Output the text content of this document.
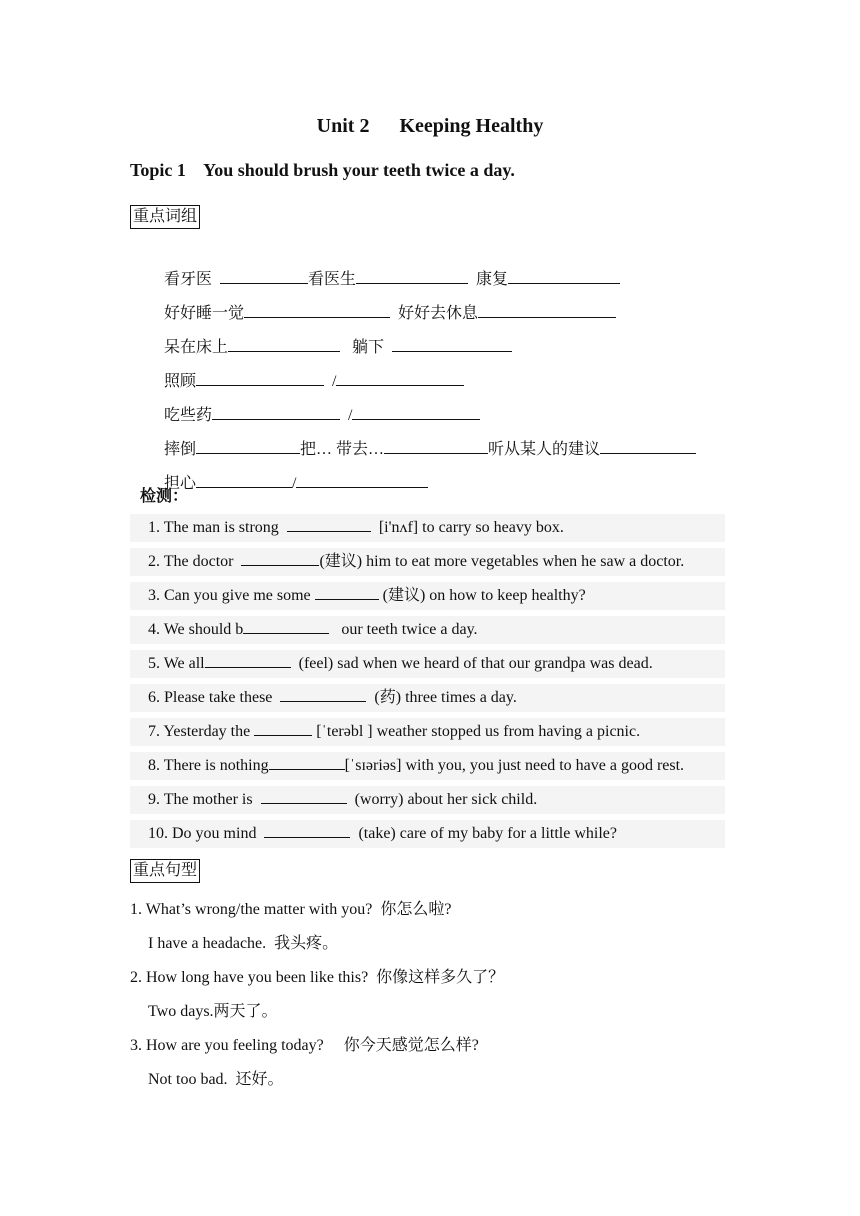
Unit 2      Keeping Healthy
Topic 1    You should brush your teeth twice a day.
重点词组

看牙医	看医生	康复

好好睡一觉	好好去休息

呆在床上	躺下

照顾	/

吃些药	/

摔倒	把… 带去…	听从某人的建议

担心	/

检测：
1. The man is strong	[i'nʌf] to carry so heavy box.
2. The doctor	(建议) him to eat more vegetables when he saw a doctor.
3. Can you give me some	(建议) on how to keep healthy?
4. We should b	our teeth twice a day.
5. We all	(feel) sad when we heard of that our grandpa was dead.
6. Please take these	(药) three times a day.
7. Yesterday the	[ˈterəbl ] weather stopped us from having a picnic.
8. There is nothing	[ˈsɪəriəs] with you, you just need to have a good rest.
9. The mother is	(worry) about her sick child.
10. Do you mind	(take) care of my baby for a little while?
重点句型
1. What’s wrong/the matter with you?  你怎么啦?
I have a headache.  我头疼。
2. How long have you been like this?  你像这样多久了？
Two days.两天了。
3. How are you feeling today?     你今天感觉怎么样?
Not too bad.  还好。
